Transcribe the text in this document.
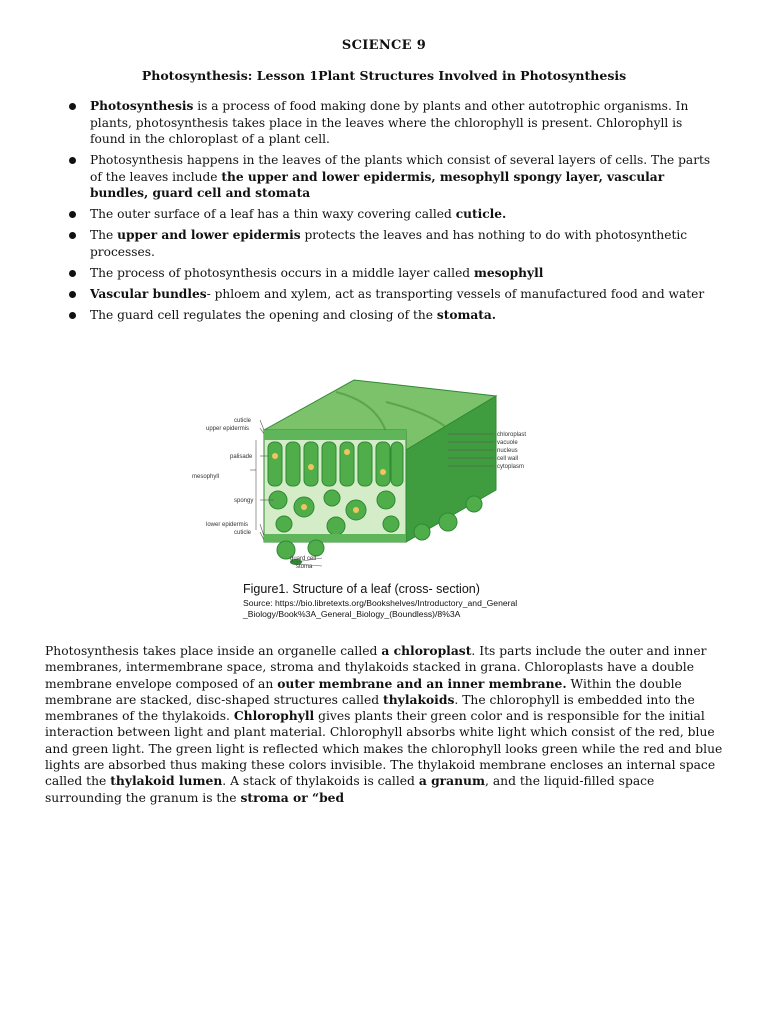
SCIENCE 9
Photosynthesis: Lesson 1Plant Structures Involved in Photosynthesis
Photosynthesis is a process of food making done by plants and other autotrophic organisms. In plants, photosynthesis takes place in the leaves where the chlorophyll is present. Chlorophyll is found in the chloroplast of a plant cell.
Photosynthesis happens in the leaves of the plants which consist of several layers of cells. The parts of the leaves include the upper and lower epidermis, mesophyll spongy layer, vascular bundles, guard cell and stomata
The outer surface of a leaf has a thin waxy covering called cuticle.
The upper and lower epidermis protects the leaves and has nothing to do with photosynthetic processes.
The process of photosynthesis occurs in a middle layer called mesophyll
Vascular bundles- phloem and xylem, act as transporting vessels of manufactured food and water
The guard cell regulates the opening and closing of the stomata.
cuticle
upper epidermis
palisade
mesophyll
spongy
lower epidermis
cuticle
guard cell
stoma
chloroplast
vacuole
nucleus
cell wall
cytoplasm
Figure1. Structure of a leaf (cross- section)
Source: https://bio.libretexts.org/Bookshelves/Introductory_and_General _Biology/Book%3A_General_Biology_(Boundless)/8%3A
Photosynthesis takes place inside an organelle called a chloroplast. Its parts include the outer and inner membranes, intermembrane space, stroma and thylakoids stacked in grana. Chloroplasts have a double membrane envelope composed of an outer membrane and an inner membrane. Within the double membrane are stacked, disc-shaped structures called thylakoids. The chlorophyll is embedded into the membranes of the thylakoids. Chlorophyll gives plants their green color and is responsible for the initial interaction between light and plant material. Chlorophyll absorbs white light which consist of the red, blue and green light. The green light is reflected which makes the chlorophyll looks green while the red and blue lights are absorbed thus making these colors invisible. The thylakoid membrane encloses an internal space called the thylakoid lumen. A stack of thylakoids is called a granum, and the liquid-filled space surrounding the granum is the stroma or “bed
